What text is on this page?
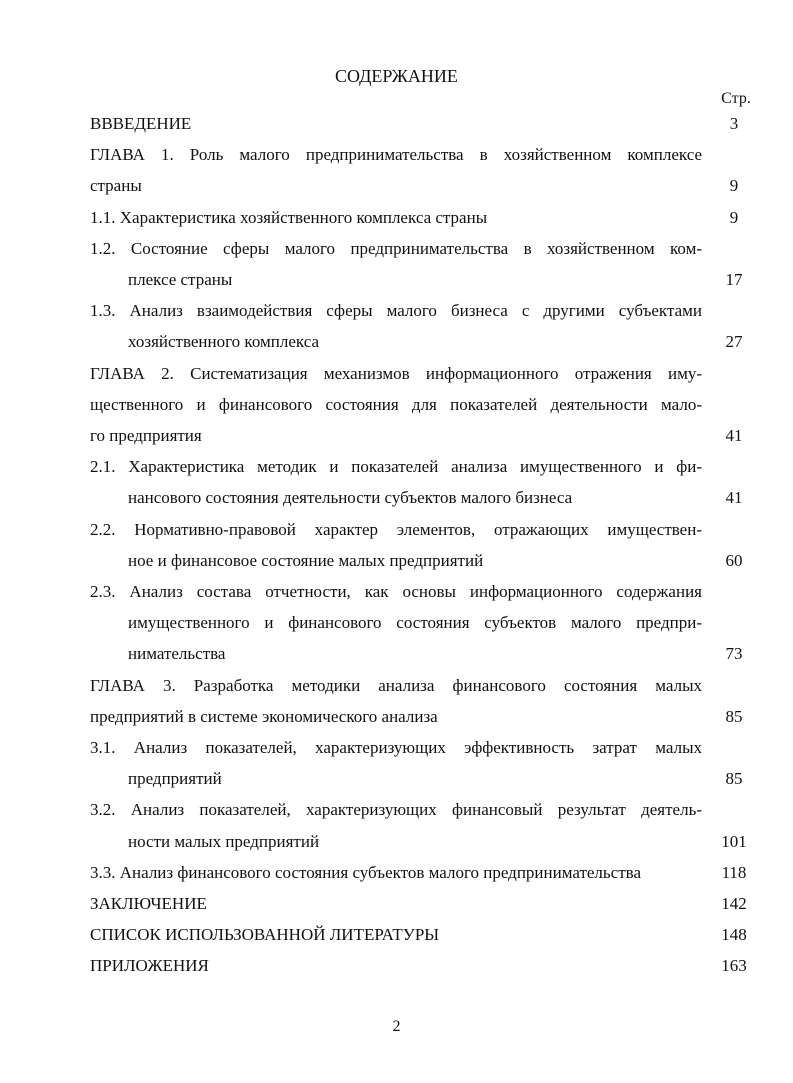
СОДЕРЖАНИЕ
Стр.
ВВВЕДЕНИЕ	3
ГЛАВА 1. Роль малого предпринимательства в хозяйственном комплексе
страны	9
1.1. Характеристика хозяйственного комплекса страны	9
1.2. Состояние сферы малого предпринимательства в хозяйственном ком-
плексе страны	17
1.3. Анализ взаимодействия сферы малого бизнеса с другими субъектами
хозяйственного комплекса	27
ГЛАВА 2. Систематизация механизмов информационного отражения иму-
щественного и финансового состояния для показателей деятельности мало-
го предприятия	41
2.1. Характеристика методик и показателей анализа имущественного и фи-
нансового состояния деятельности субъектов малого бизнеса	41
2.2. Нормативно-правовой характер элементов, отражающих имуществен-
ное и финансовое состояние малых предприятий	60
2.3. Анализ состава отчетности, как основы информационного содержания
имущественного и финансового состояния субъектов малого предпри-
нимательства	73
ГЛАВА 3. Разработка методики анализа финансового состояния малых
предприятий в системе экономического анализа	85
3.1. Анализ показателей, характеризующих эффективность затрат малых
предприятий	85
3.2. Анализ показателей, характеризующих финансовый результат деятель-
ности малых предприятий	101
3.3. Анализ финансового состояния субъектов малого предпринимательства	118
ЗАКЛЮЧЕНИЕ	142
СПИСОК ИСПОЛЬЗОВАННОЙ ЛИТЕРАТУРЫ	148
ПРИЛОЖЕНИЯ	163
2
